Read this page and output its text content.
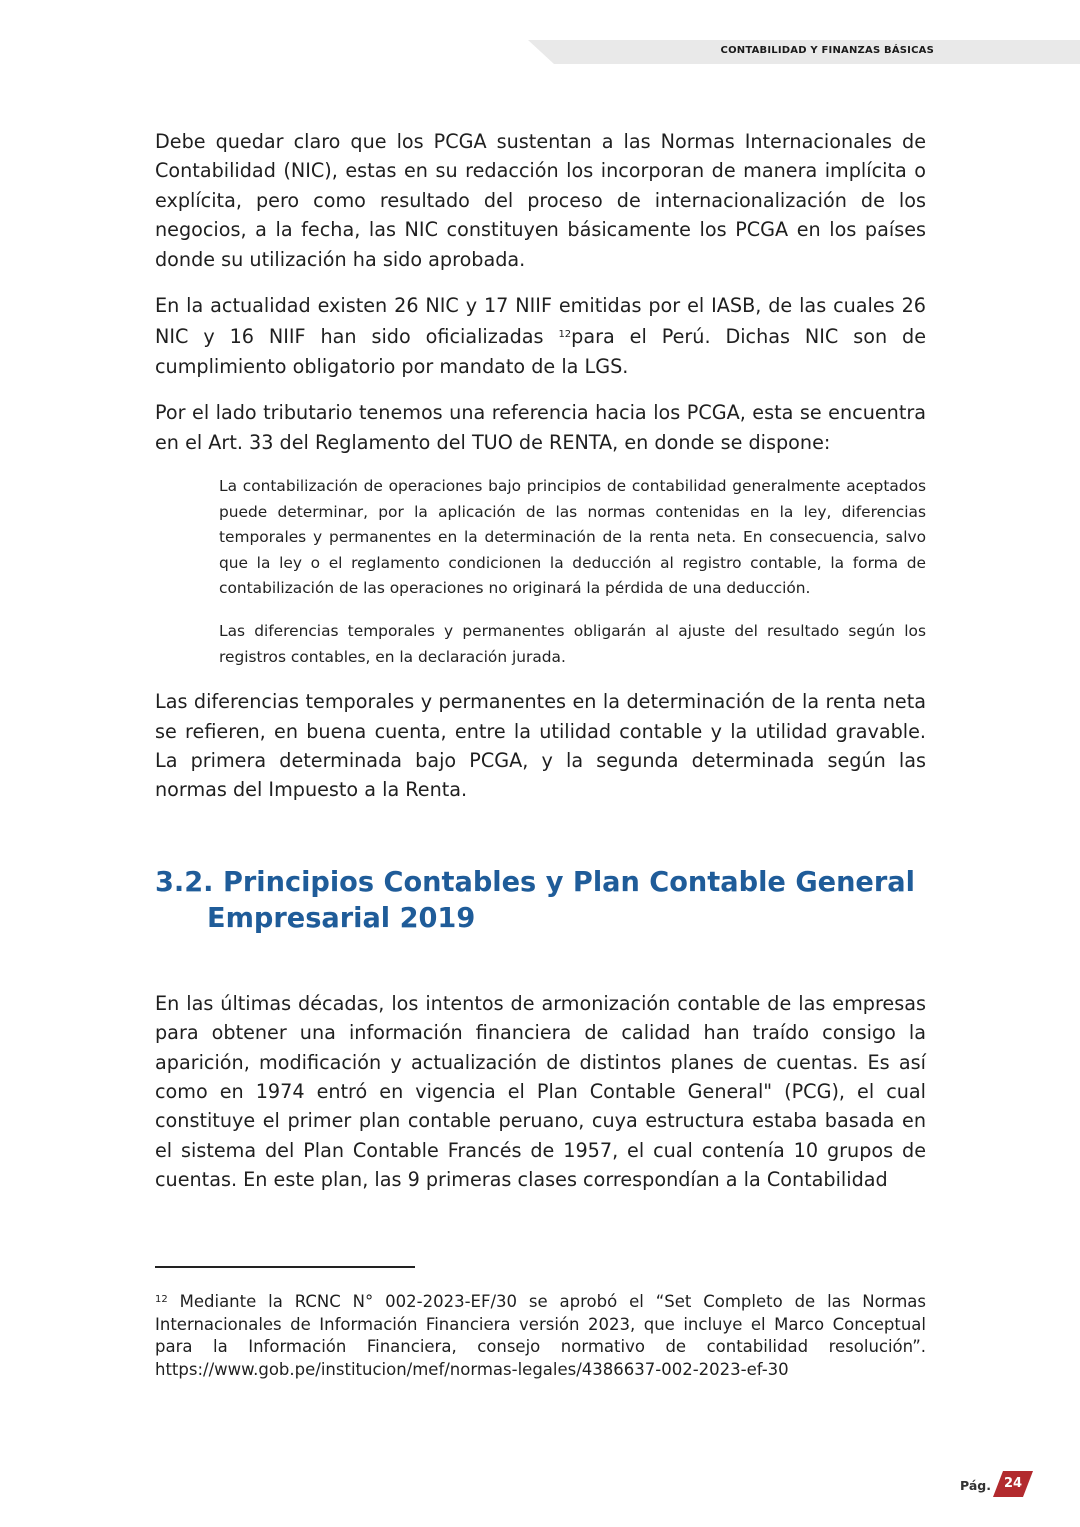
CONTABILIDAD Y FINANZAS BÁSICAS

Debe quedar claro que los PCGA sustentan a las Normas Internacionales de Contabilidad (NIC), estas en su redacción los incorporan de manera implícita o explícita, pero como resultado del proceso de internacionalización de los negocios, a la fecha, las NIC constituyen básicamente los PCGA en los países donde su utilización ha sido aprobada.

En la actualidad existen 26 NIC y 17 NIIF emitidas por el IASB, de las cuales 26 NIC y 16 NIIF han sido oficializadas $^{12}$para el Perú. Dichas NIC son de cumplimiento obligatorio por mandato de la LGS.

Por el lado tributario tenemos una referencia hacia los PCGA, esta se encuentra en el Art. 33 del Reglamento del TUO de RENTA, en donde se dispone:

La contabilización de operaciones bajo principios de contabilidad generalmente aceptados puede determinar, por la aplicación de las normas contenidas en la ley, diferencias temporales y permanentes en la determinación de la renta neta. En consecuencia, salvo que la ley o el reglamento condicionen la deducción al registro contable, la forma de contabilización de las operaciones no originará la pérdida de una deducción.

Las diferencias temporales y permanentes obligarán al ajuste del resultado según los registros contables, en la declaración jurada.

Las diferencias temporales y permanentes en la determinación de la renta neta se refieren, en buena cuenta, entre la utilidad contable y la utilidad gravable. La primera determinada bajo PCGA, y la segunda determinada según las normas del Impuesto a la Renta.

3.2. Principios Contables y Plan Contable General Empresarial 2019

En las últimas décadas, los intentos de armonización contable de las empresas para obtener una información financiera de calidad han traído consigo la aparición, modificación y actualización de distintos planes de cuentas. Es así como en 1974 entró en vigencia el Plan Contable General" (PCG), el cual constituye el primer plan contable peruano, cuya estructura estaba basada en el sistema del Plan Contable Francés de 1957, el cual contenía 10 grupos de cuentas. En este plan, las 9 primeras clases correspondían a la Contabilidad

$^{12}$ Mediante la RCNC N° 002-2023-EF/30 se aprobó el “Set Completo de las Normas Internacionales de Información Financiera versión 2023, que incluye el Marco Conceptual para la Información Financiera, consejo normativo de contabilidad resolución”. https://www.gob.pe/institucion/mef/normas-legales/4386637-002-2023-ef-30
Pág. 24
